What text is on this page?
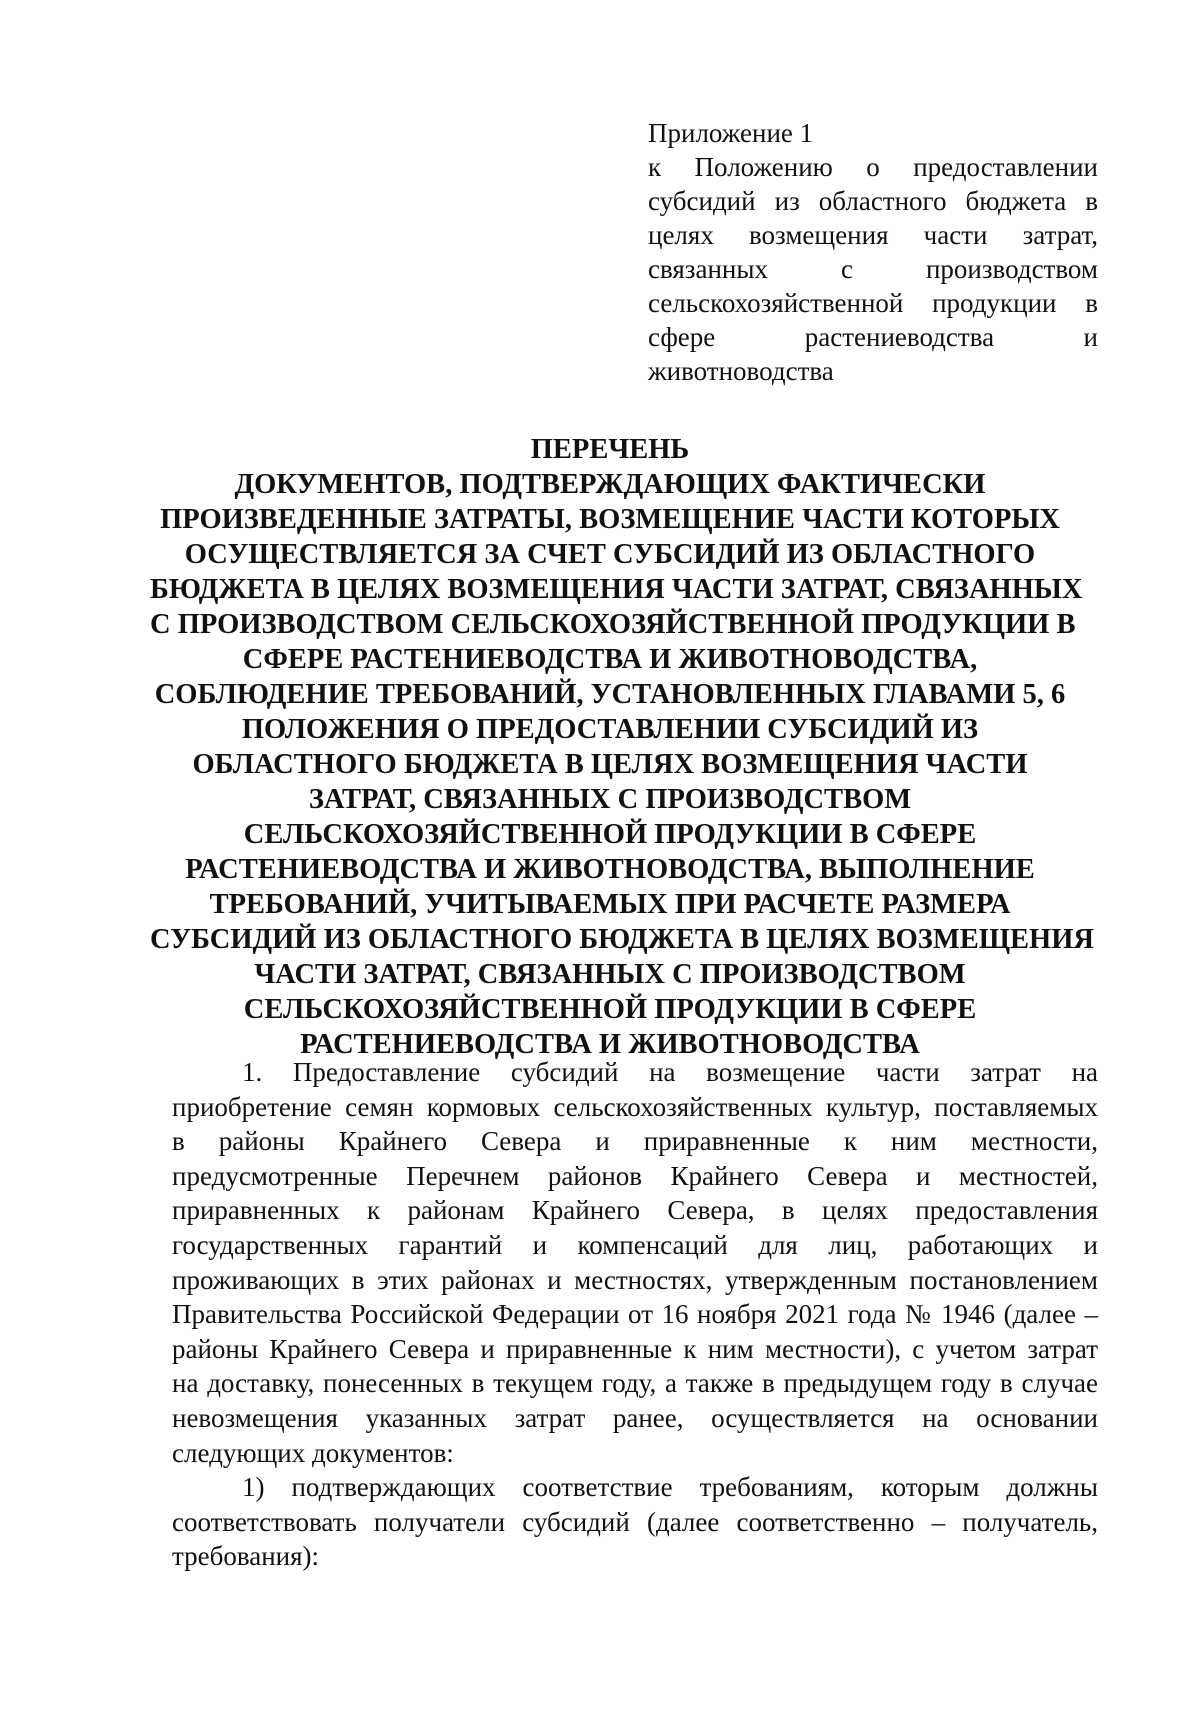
Приложение 1
к Положению о предоставлении
субсидий из областного бюджета в
целях возмещения части затрат,
связанных с производством
сельскохозяйственной продукции в
сфере растениеводства и
животноводства
ПЕРЕЧЕНЬ
ДОКУМЕНТОВ, ПОДТВЕРЖДАЮЩИХ ФАКТИЧЕСКИ
ПРОИЗВЕДЕННЫЕ ЗАТРАТЫ, ВОЗМЕЩЕНИЕ ЧАСТИ КОТОРЫХ
ОСУЩЕСТВЛЯЕТСЯ ЗА СЧЕТ СУБСИДИЙ ИЗ ОБЛАСТНОГО
БЮДЖЕТА В ЦЕЛЯХ ВОЗМЕЩЕНИЯ ЧАСТИ ЗАТРАТ, СВЯЗАННЫХ
С ПРОИЗВОДСТВОМ СЕЛЬСКОХОЗЯЙСТВЕННОЙ ПРОДУКЦИИ В
СФЕРЕ РАСТЕНИЕВОДСТВА И ЖИВОТНОВОДСТВА,
СОБЛЮДЕНИЕ ТРЕБОВАНИЙ, УСТАНОВЛЕННЫХ ГЛАВАМИ 5, 6
ПОЛОЖЕНИЯ О ПРЕДОСТАВЛЕНИИ СУБСИДИЙ ИЗ
ОБЛАСТНОГО БЮДЖЕТА В ЦЕЛЯХ ВОЗМЕЩЕНИЯ ЧАСТИ
ЗАТРАТ, СВЯЗАННЫХ С ПРОИЗВОДСТВОМ
СЕЛЬСКОХОЗЯЙСТВЕННОЙ ПРОДУКЦИИ В СФЕРЕ
РАСТЕНИЕВОДСТВА И ЖИВОТНОВОДСТВА, ВЫПОЛНЕНИЕ
ТРЕБОВАНИЙ, УЧИТЫВАЕМЫХ ПРИ РАСЧЕТЕ РАЗМЕРА
СУБСИДИЙ ИЗ ОБЛАСТНОГО БЮДЖЕТА В ЦЕЛЯХ ВОЗМЕЩЕНИЯ
ЧАСТИ ЗАТРАТ, СВЯЗАННЫХ С ПРОИЗВОДСТВОМ
СЕЛЬСКОХОЗЯЙСТВЕННОЙ ПРОДУКЦИИ В СФЕРЕ
РАСТЕНИЕВОДСТВА И ЖИВОТНОВОДСТВА
1. Предоставление субсидий на возмещение части затрат на
приобретение семян кормовых сельскохозяйственных культур, поставляемых
в районы Крайнего Севера и приравненные к ним местности,
предусмотренные Перечнем районов Крайнего Севера и местностей,
приравненных к районам Крайнего Севера, в целях предоставления
государственных гарантий и компенсаций для лиц, работающих и
проживающих в этих районах и местностях, утвержденным постановлением
Правительства Российской Федерации от 16 ноября 2021 года № 1946 (далее –
районы Крайнего Севера и приравненные к ним местности), с учетом затрат
на доставку, понесенных в текущем году, а также в предыдущем году в случае
невозмещения указанных затрат ранее, осуществляется на основании
следующих документов:
1) подтверждающих соответствие требованиям, которым должны
соответствовать получатели субсидий (далее соответственно – получатель,
требования):
